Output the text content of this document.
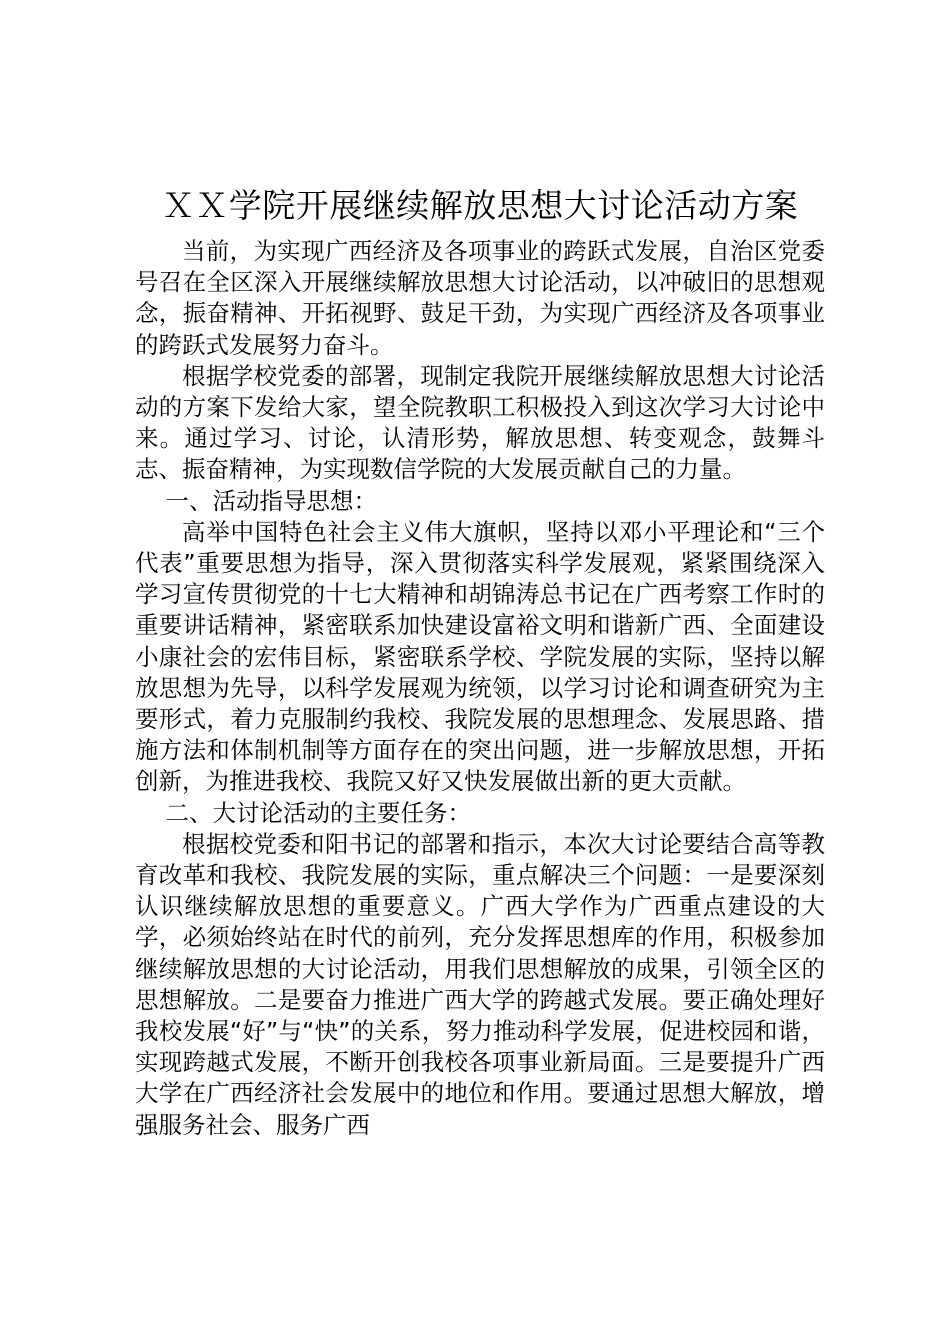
ＸＸ学院开展继续解放思想大讨论活动方案

当前，为实现广西经济及各项事业的跨跃式发展，自治区党委号召在全区深入开展继续解放思想大讨论活动，以冲破旧的思想观念，振奋精神、开拓视野、鼓足干劲，为实现广西经济及各项事业的跨跃式发展努力奋斗。

根据学校党委的部署，现制定我院开展继续解放思想大讨论活动的方案下发给大家，望全院教职工积极投入到这次学习大讨论中来。通过学习、讨论，认清形势，解放思想、转变观念，鼓舞斗志、振奋精神，为实现数信学院的大发展贡献自己的力量。

一、活动指导思想：

高举中国特色社会主义伟大旗帜，坚持以邓小平理论和“三个代表”重要思想为指导，深入贯彻落实科学发展观，紧紧围绕深入学习宣传贯彻党的十七大精神和胡锦涛总书记在广西考察工作时的重要讲话精神，紧密联系加快建设富裕文明和谐新广西、全面建设小康社会的宏伟目标，紧密联系学校、学院发展的实际，坚持以解放思想为先导，以科学发展观为统领，以学习讨论和调查研究为主要形式，着力克服制约我校、我院发展的思想理念、发展思路、措施方法和体制机制等方面存在的突出问题，进一步解放思想，开拓创新，为推进我校、我院又好又快发展做出新的更大贡献。

二、大讨论活动的主要任务：

根据校党委和阳书记的部署和指示，本次大讨论要结合高等教育改革和我校、我院发展的实际，重点解决三个问题：一是要深刻认识继续解放思想的重要意义。广西大学作为广西重点建设的大学，必须始终站在时代的前列，充分发挥思想库的作用，积极参加继续解放思想的大讨论活动，用我们思想解放的成果，引领全区的思想解放。二是要奋力推进广西大学的跨越式发展。要正确处理好我校发展“好”与“快”的关系，努力推动科学发展，促进校园和谐，实现跨越式发展，不断开创我校各项事业新局面。三是要提升广西大学在广西经济社会发展中的地位和作用。要通过思想大解放，增强服务社会、服务广西
